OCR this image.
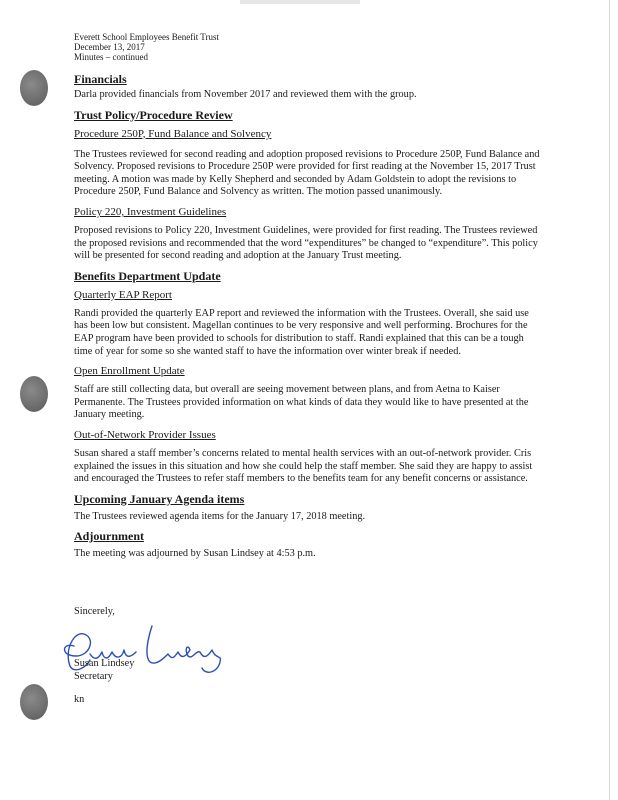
Everett School Employees Benefit Trust
December 13, 2017
Minutes – continued

Financials

Darla provided financials from November 2017 and reviewed them with the group.

Trust Policy/Procedure Review

Procedure 250P, Fund Balance and Solvency

The Trustees reviewed for second reading and adoption proposed revisions to Procedure 250P, Fund Balance and Solvency. Proposed revisions to Procedure 250P were provided for first reading at the November 15, 2017 Trust meeting. A motion was made by Kelly Shepherd and seconded by Adam Goldstein to adopt the revisions to Procedure 250P, Fund Balance and Solvency as written. The motion passed unanimously.

Policy 220, Investment Guidelines

Proposed revisions to Policy 220, Investment Guidelines, were provided for first reading. The Trustees reviewed the proposed revisions and recommended that the word “expenditures” be changed to “expenditure”. This policy will be presented for second reading and adoption at the January Trust meeting.

Benefits Department Update

Quarterly EAP Report

Randi provided the quarterly EAP report and reviewed the information with the Trustees. Overall, she said use has been low but consistent. Magellan continues to be very responsive and well performing. Brochures for the EAP program have been provided to schools for distribution to staff. Randi explained that this can be a tough time of year for some so she wanted staff to have the information over winter break if needed.

Open Enrollment Update

Staff are still collecting data, but overall are seeing movement between plans, and from Aetna to Kaiser Permanente. The Trustees provided information on what kinds of data they would like to have presented at the January meeting.

Out-of-Network Provider Issues

Susan shared a staff member’s concerns related to mental health services with an out-of-network provider. Cris explained the issues in this situation and how she could help the staff member. She said they are happy to assist and encouraged the Trustees to refer staff members to the benefits team for any benefit concerns or assistance.

Upcoming January Agenda items

The Trustees reviewed agenda items for the January 17, 2018 meeting.

Adjournment

The meeting was adjourned by Susan Lindsey at 4:53 p.m.

Sincerely,
Susan Lindsey
Secretary
kn
